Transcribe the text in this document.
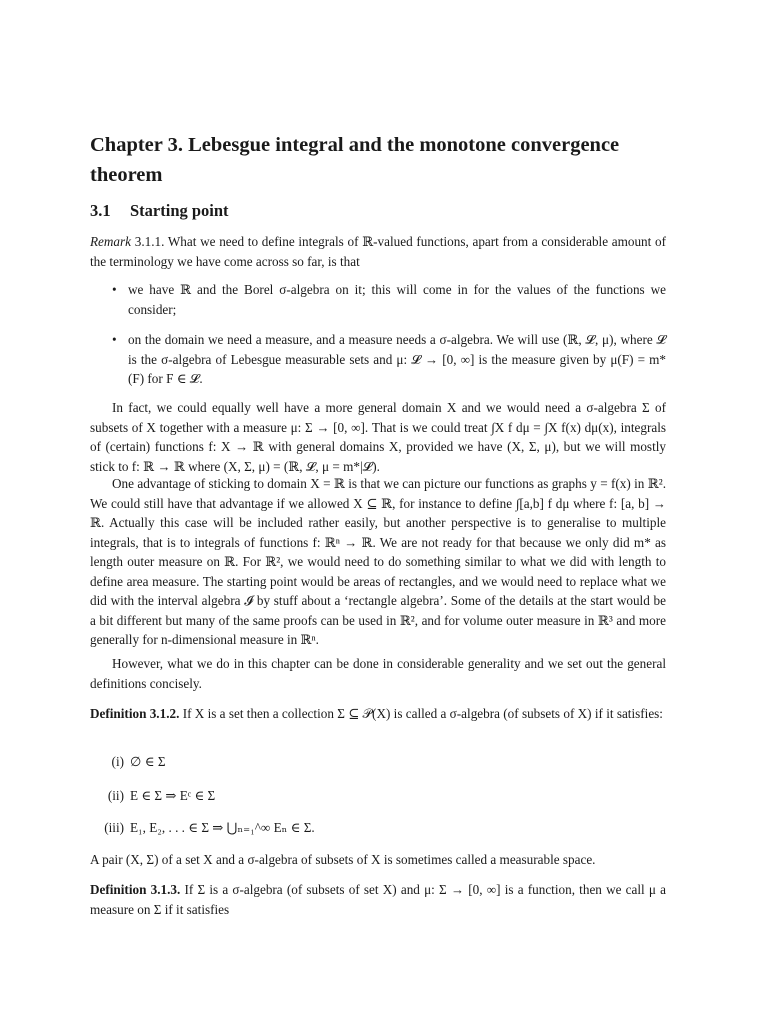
Chapter 3. Lebesgue integral and the monotone convergence theorem
3.1 Starting point
Remark 3.1.1. What we need to define integrals of ℝ-valued functions, apart from a considerable amount of the terminology we have come across so far, is that
• we have ℝ and the Borel σ-algebra on it; this will come in for the values of the functions we consider;
• on the domain we need a measure, and a measure needs a σ-algebra. We will use (ℝ, 𝓛, μ), where 𝓛 is the σ-algebra of Lebesgue measurable sets and μ: 𝓛 → [0, ∞] is the measure given by μ(F) = m*(F) for F ∈ 𝓛.
In fact, we could equally well have a more general domain X and we would need a σ-algebra Σ of subsets of X together with a measure μ: Σ → [0, ∞]. That is we could treat ∫X f dμ = ∫X f(x) dμ(x), integrals of (certain) functions f: X → ℝ with general domains X, provided we have (X, Σ, μ), but we will mostly stick to f: ℝ → ℝ where (X, Σ, μ) = (ℝ, 𝓛, μ = m*|𝓛).
One advantage of sticking to domain X = ℝ is that we can picture our functions as graphs y = f(x) in ℝ². We could still have that advantage if we allowed X ⊆ ℝ, for instance to define ∫[a,b] f dμ where f: [a, b] → ℝ. Actually this case will be included rather easily, but another perspective is to generalise to multiple integrals, that is to integrals of functions f: ℝⁿ → ℝ. We are not ready for that because we only did m* as length outer measure on ℝ. For ℝ², we would need to do something similar to what we did with length to define area measure. The starting point would be areas of rectangles, and we would need to replace what we did with the interval algebra 𝓘 by stuff about a ‘rectangle algebra’. Some of the details at the start would be a bit different but many of the same proofs can be used in ℝ², and for volume outer measure in ℝ³ and more generally for n-dimensional measure in ℝⁿ.
However, what we do in this chapter can be done in considerable generality and we set out the general definitions concisely.
Definition 3.1.2. If X is a set then a collection Σ ⊆ 𝒫(X) is called a σ-algebra (of subsets of X) if it satisfies:
(i) ∅ ∈ Σ
(ii) E ∈ Σ ⇒ Eᶜ ∈ Σ
(iii) E₁, E₂, . . . ∈ Σ ⇒ ⋃ₙ₌₁^∞ Eₙ ∈ Σ.
A pair (X, Σ) of a set X and a σ-algebra of subsets of X is sometimes called a measurable space.
Definition 3.1.3. If Σ is a σ-algebra (of subsets of set X) and μ: Σ → [0, ∞] is a function, then we call μ a measure on Σ if it satisfies
